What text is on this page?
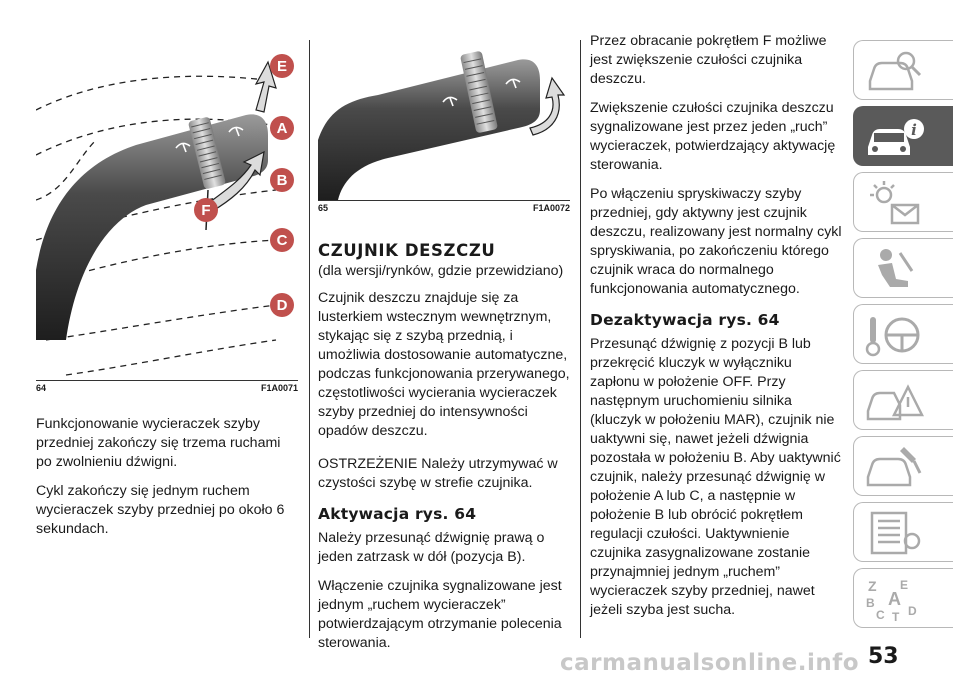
E
A
B
F
C
D
64	F1A0071

Funkcjonowanie wycieraczek szyby przedniej zakończy się trzema ruchami po zwolnieniu dźwigni.

Cykl zakończy się jednym ruchem wycieraczek szyby przedniej po około 6 sekundach.

65	F1A0072
CZUJNIK DESZCZU

(dla wersji/rynków, gdzie przewidziano)

Czujnik deszczu znajduje się za lusterkiem wstecznym wewnętrznym, stykając się z szybą przednią, i umożliwia dostosowanie automatyczne, podczas funkcjonowania przerywanego, częstotliwości wycierania wycieraczek szyby przedniej do intensywności opadów deszczu.

OSTRZEŻENIE Należy utrzymywać w czystości szybę w strefie czujnika.

Aktywacja rys. 64

Należy przesunąć dźwignię prawą o jeden zatrzask w dół (pozycja B).

Włączenie czujnika sygnalizowane jest jednym „ruchem wycieraczek” potwierdzającym otrzymanie polecenia sterowania.

Przez obracanie pokrętłem F możliwe jest zwiększenie czułości czujnika deszczu.

Zwiększenie czułości czujnika deszczu sygnalizowane jest przez jeden „ruch” wycieraczek, potwierdzający aktywację sterowania.

Po włączeniu spryskiwaczy szyby przedniej, gdy aktywny jest czujnik deszczu, realizowany jest normalny cykl spryskiwania, po zakończeniu którego czujnik wraca do normalnego funkcjonowania automatycznego.

Dezaktywacja rys. 64

Przesunąć dźwignię z pozycji B lub przekręcić kluczyk w wyłączniku zapłonu w położenie OFF. Przy następnym uruchomieniu silnika (kluczyk w położeniu MAR), czujnik nie uaktywni się, nawet jeżeli dźwignia pozostała w położeniu B. Aby uaktywnić czujnik, należy przesunąć dźwignię w położenie A lub C, a następnie w położenie B lub obrócić pokrętłem regulacji czułości. Uaktywnienie czujnika zasygnalizowane zostanie przynajmniej jednym „ruchem” wycieraczek szyby przedniej, nawet jeżeli szyba jest sucha.

i
Z E
A
B
C T D
carmanualsonline.info 53
